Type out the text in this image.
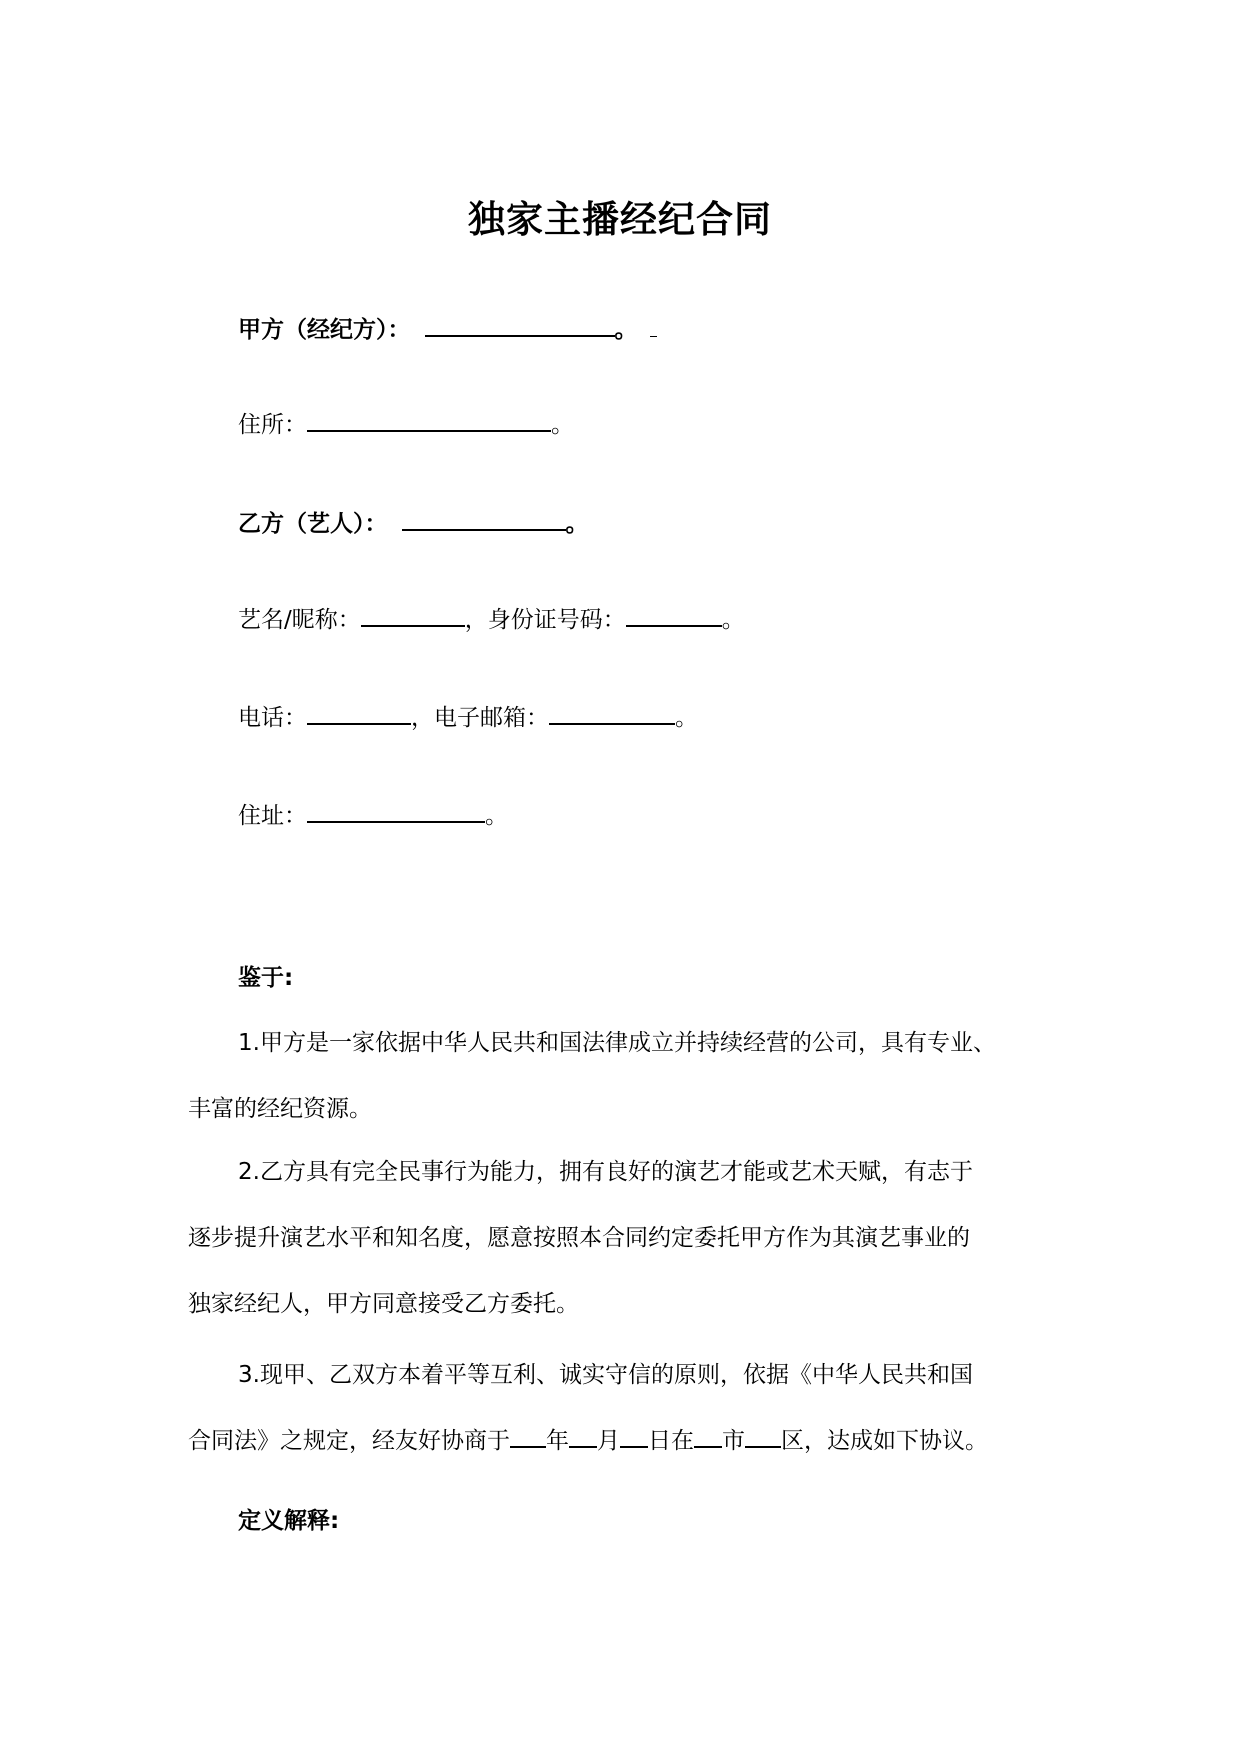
独家主播经纪合同
甲方（经纪方）：	。
住所：	。
乙方（艺人）：	。
艺名/昵称：	，身份证号码：	。
电话：	，电子邮箱：	。
住址：	。
鉴于:
1.甲方是一家依据中华人民共和国法律成立并持续经营的公司，具有专业、
丰富的经纪资源。
2.乙方具有完全民事行为能力，拥有良好的演艺才能或艺术天赋，有志于
逐步提升演艺水平和知名度，愿意按照本合同约定委托甲方作为其演艺事业的
独家经纪人，甲方同意接受乙方委托。
3.现甲、乙双方本着平等互利、诚实守信的原则，依据《中华人民共和国
合同法》之规定，经友好协商于 年 月 日在 市 区，达成如下协议。
定义解释:
